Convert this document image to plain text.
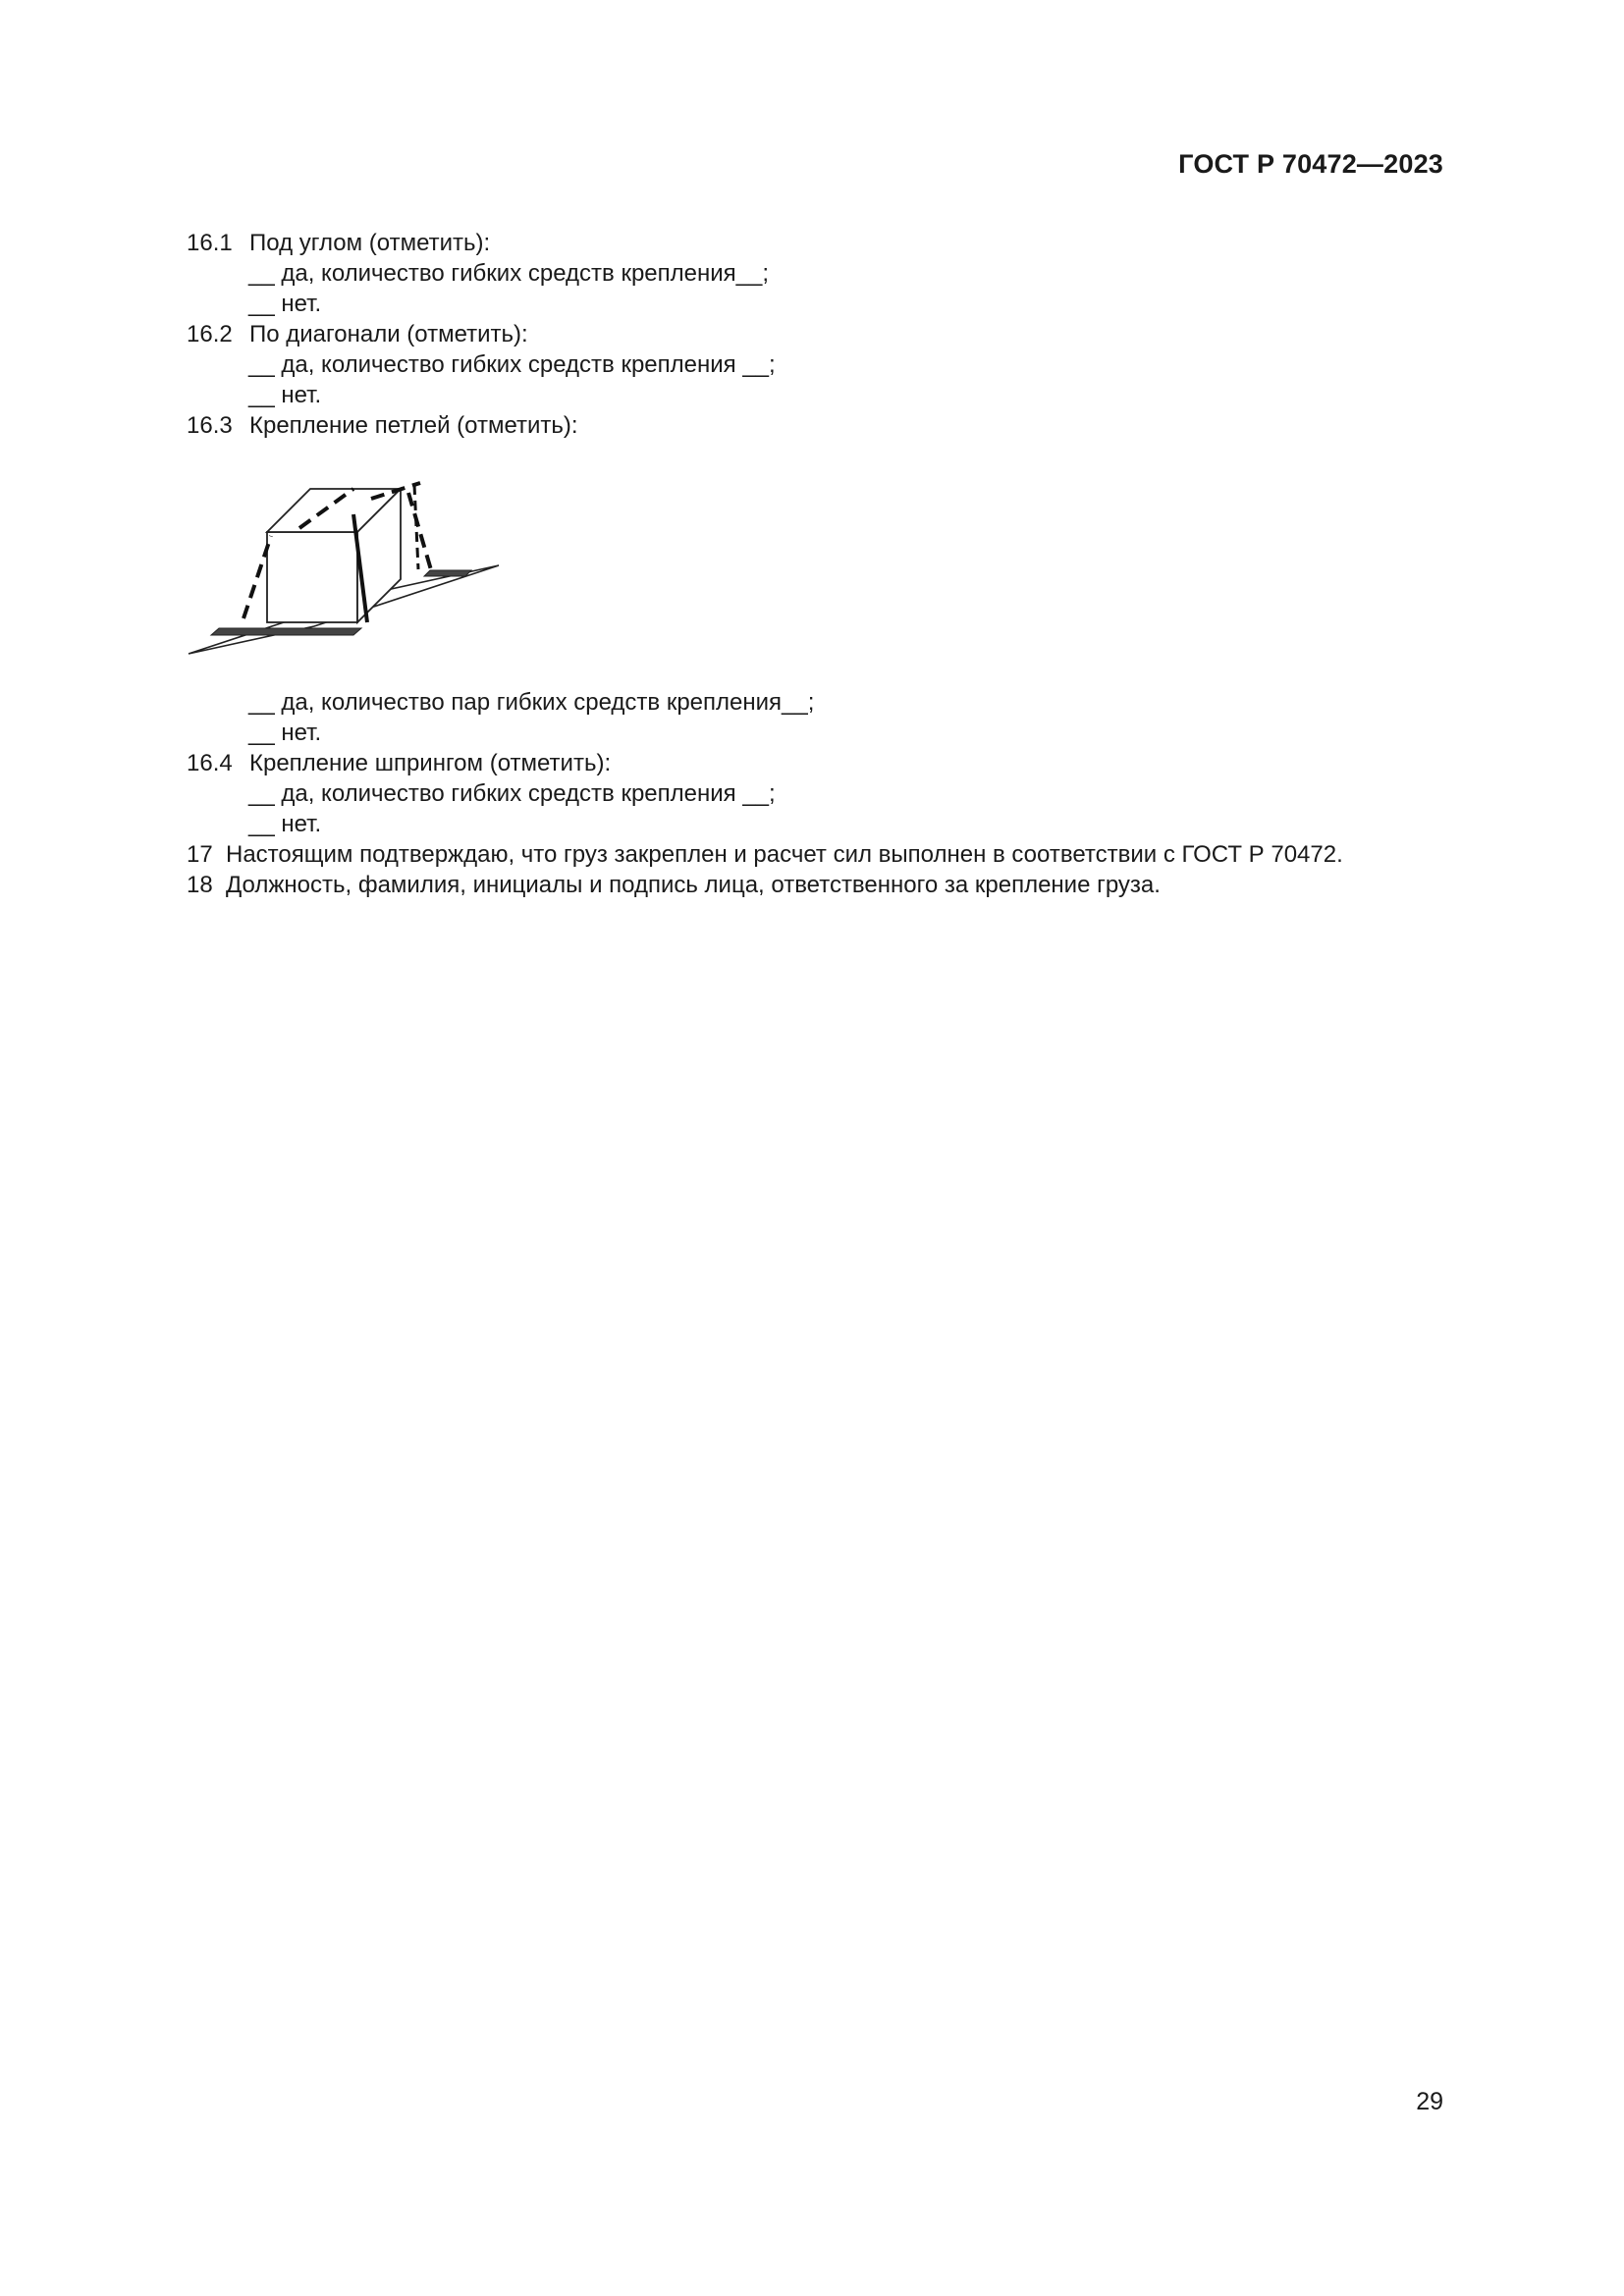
ГОСТ Р 70472—2023
16.1 Под углом (отметить):
__ да, количество гибких средств крепления__;
__ нет.
16.2 По диагонали (отметить):
__ да, количество гибких средств крепления __;
__ нет.
16.3 Крепление петлей (отметить):
__ да, количество пар гибких средств крепления__;
__ нет.
16.4 Крепление шпрингом (отметить):
__ да, количество гибких средств крепления __;
__ нет.
17 Настоящим подтверждаю, что груз закреплен и расчет сил выполнен в соответствии с ГОСТ Р 70472.
18 Должность, фамилия, инициалы и подпись лица, ответственного за крепление груза.
29
